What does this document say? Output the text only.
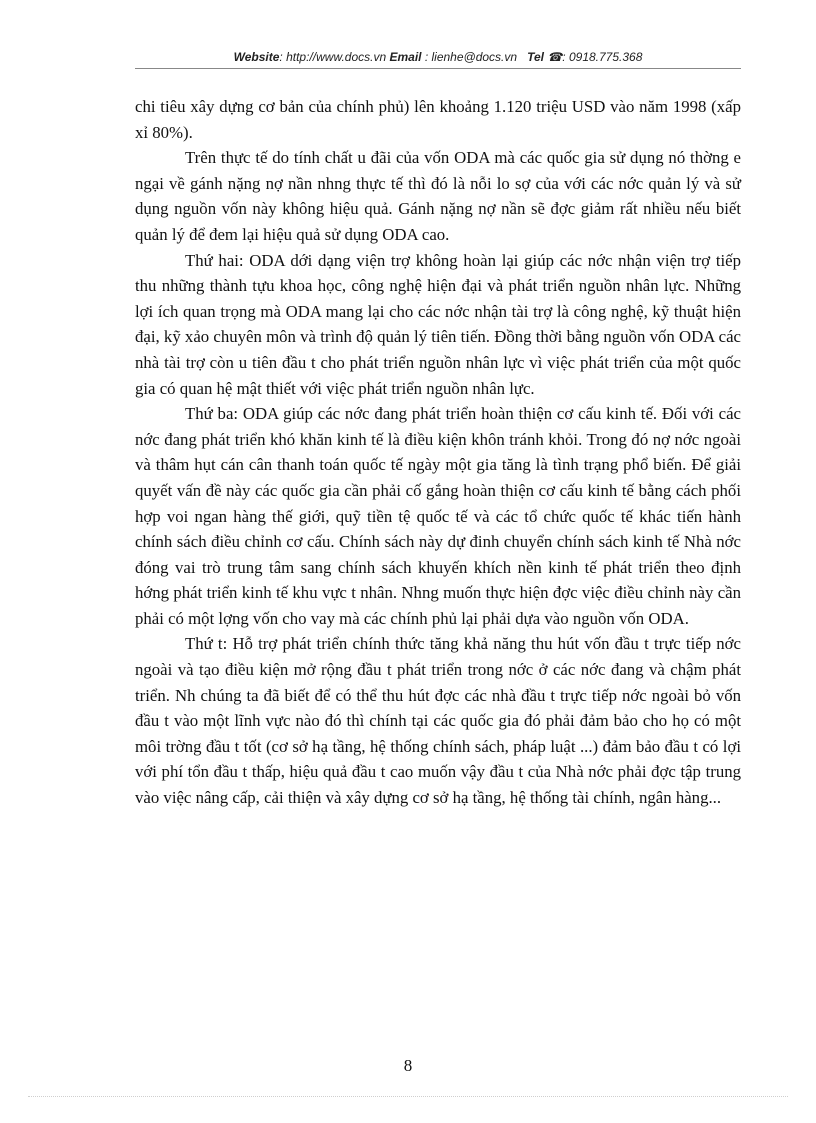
Website: http://www.docs.vn Email : lienhe@docs.vn Tel ☎: 0918.775.368

chi tiêu xây dựng cơ bản của chính phủ) lên khoảng 1.120 triệu USD vào năm 1998 (xấp xỉ 80%).

Trên thực tế do tính chất u đãi của vốn ODA mà các quốc gia sử dụng nó thờng e ngại về gánh nặng nợ nần nhng thực tế thì đó là nỗi lo sợ của với các nớc quản lý và sử dụng nguồn vốn này không hiệu quả. Gánh nặng nợ nần sẽ đợc giảm rất nhiều nếu biết quản lý để đem lại hiệu quả sử dụng ODA cao.

Thứ hai: ODA dới dạng viện trợ không hoàn lại giúp các nớc nhận viện trợ tiếp thu những thành tựu khoa học, công nghệ hiện đại và phát triển nguồn nhân lực. Những lợi ích quan trọng mà ODA mang lại cho các nớc nhận tài trợ là công nghệ, kỹ thuật hiện đại, kỹ xảo chuyên môn và trình độ quản lý tiên tiến. Đồng thời bằng nguồn vốn ODA các nhà tài trợ còn u tiên đầu t cho phát triển nguồn nhân lực vì việc phát triển của một quốc gia có quan hệ mật thiết với việc phát triển nguồn nhân lực.

Thứ ba: ODA giúp các nớc đang phát triển hoàn thiện cơ cấu kinh tế. Đối với các nớc đang phát triển khó khăn kinh tế là điều kiện khôn tránh khỏi. Trong đó nợ nớc ngoài và thâm hụt cán cân thanh toán quốc tế ngày một gia tăng là tình trạng phổ biến. Để giải quyết vấn đề này các quốc gia cần phải cố gắng hoàn thiện cơ cấu kinh tế bằng cách phối hợp voi ngan hàng thế giới, quỹ tiền tệ quốc tế và các tổ chức quốc tế khác tiến hành chính sách điều chỉnh cơ cấu. Chính sách này dự đinh chuyển chính sách kinh tế Nhà nớc đóng vai trò trung tâm sang chính sách khuyến khích nền kinh tế phát triển theo định hớng phát triển kinh tế khu vực t nhân. Nhng muốn thực hiện đợc việc điều chỉnh này cần phải có một lợng vốn cho vay mà các chính phủ lại phải dựa vào nguồn vốn ODA.

Thứ t: Hỗ trợ phát triển chính thức tăng khả năng thu hút vốn đầu t trực tiếp nớc ngoài và tạo điều kiện mở rộng đầu t phát triển trong nớc ở các nớc đang và chậm phát triển. Nh chúng ta đã biết để có thể thu hút đợc các nhà đầu t trực tiếp nớc ngoài bỏ vốn đầu t vào một lĩnh vực nào đó thì chính tại các quốc gia đó phải đảm bảo cho họ có một môi trờng đầu t tốt (cơ sở hạ tầng, hệ thống chính sách, pháp luật ...) đảm bảo đầu t có lợi với phí tổn đầu t thấp, hiệu quả đầu t cao muốn vậy đầu t của Nhà nớc phải đợc tập trung vào việc nâng cấp, cải thiện và xây dựng cơ sở hạ tầng, hệ thống tài chính, ngân hàng...

8
